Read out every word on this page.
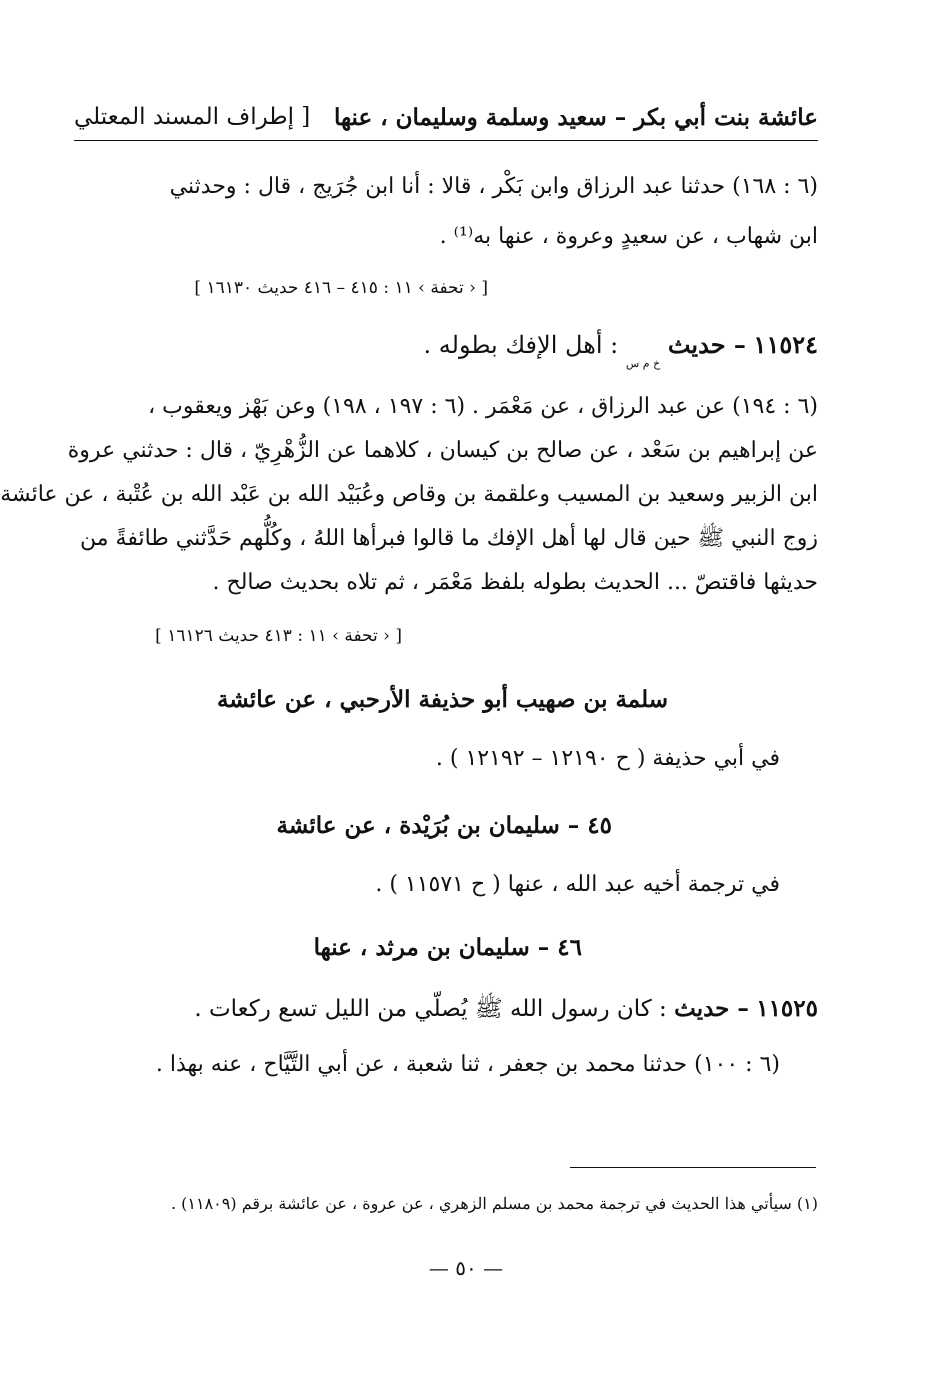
عائشة بنت أبي بكر – سعيد وسلمة وسليمان ، عنها
[ إطراف المسند المعتلي
(٦ : ١٦٨) حدثنا عبد الرزاق وابن بَكْر ، قالا : أنا ابن جُرَيج ، قال : وحدثني
ابن شهاب ، عن سعيدٍ وعروة ، عنها به⁽¹⁾ .
[ ‹ تحفة › ١١ : ٤١٥ – ٤١٦ حديث ١٦١٣٠ ]
١١٥٢٤ – حديث $_{خ م س}$ : أهل الإفك بطوله .
(٦ : ١٩٤) عن عبد الرزاق ، عن مَعْمَر . (٦ : ١٩٧ ، ١٩٨) وعن بَهْز ويعقوب ،
عن إبراهيم بن سَعْد ، عن صالح بن كيسان ، كلاهما عن الزُّهْرِيّ ، قال : حدثني عروة
ابن الزبير وسعيد بن المسيب وعلقمة بن وقاص وعُبَيْد الله بن عَبْد الله بن عُتْبة ، عن عائشة
زوج النبي ﷺ حين قال لها أهل الإفك ما قالوا فبرأها اللهُ ، وكُلُّهم حَدَّثني طائفةً من
حديثها فاقتصّ ... الحديث بطوله بلفظ مَعْمَر ، ثم تلاه بحديث صالح .
[ ‹ تحفة › ١١ : ٤١٣ حديث ١٦١٢٦ ]
سلمة بن صهيب أبو حذيفة الأرحبي ، عن عائشة
في أبي حذيفة ( ح ١٢١٩٠ – ١٢١٩٢ ) .
٤٥ – سليمان بن بُرَيْدة ، عن عائشة
في ترجمة أخيه عبد الله ، عنها ( ح ١١٥٧١ ) .
٤٦ – سليمان بن مرثد ، عنها
١١٥٢٥ – حديث : كان رسول الله ﷺ يُصلّي من الليل تسع ركعات .
(٦ : ١٠٠) حدثنا محمد بن جعفر ، ثنا شعبة ، عن أبي التَّيَّاح ، عنه بهذا .
(١) سيأتي هذا الحديث في ترجمة محمد بن مسلم الزهري ، عن عروة ، عن عائشة برقم (١١٨٠٩) .
— ٥٠ —
